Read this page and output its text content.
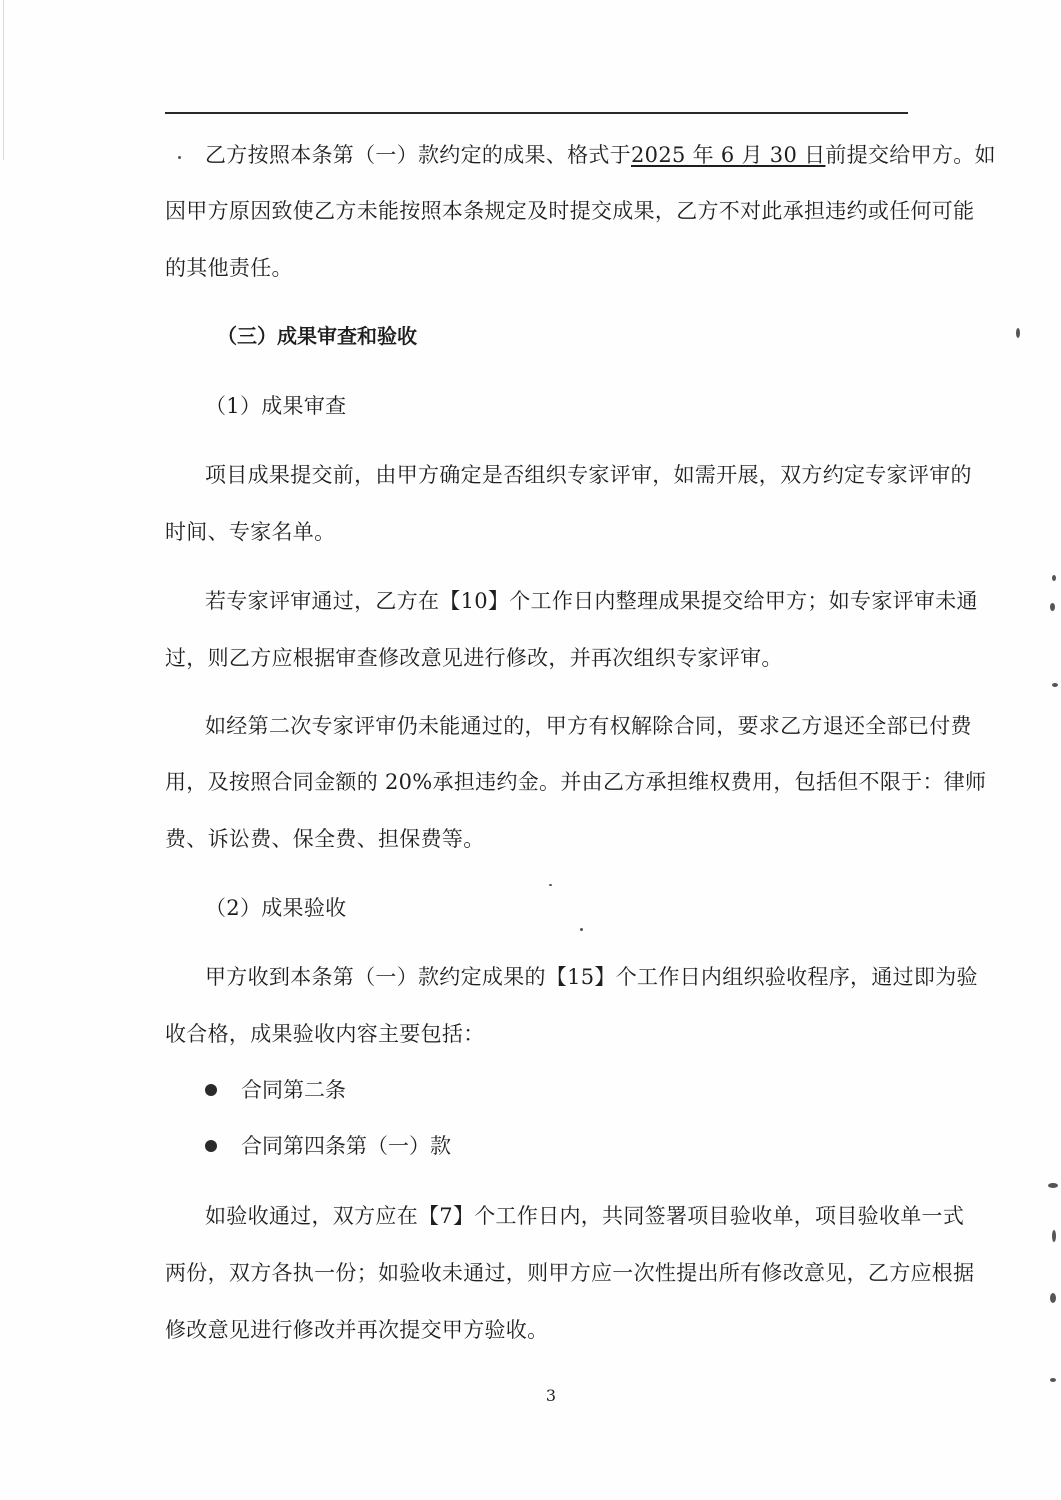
乙方按照本条第（一）款约定的成果、格式于2025 年 6 月 30 日前提交给甲方。如
因甲方原因致使乙方未能按照本条规定及时提交成果，乙方不对此承担违约或任何可能
的其他责任。
（三）成果审查和验收
（1）成果审查
项目成果提交前，由甲方确定是否组织专家评审，如需开展，双方约定专家评审的
时间、专家名单。
若专家评审通过，乙方在【10】个工作日内整理成果提交给甲方；如专家评审未通
过，则乙方应根据审查修改意见进行修改，并再次组织专家评审。
如经第二次专家评审仍未能通过的，甲方有权解除合同，要求乙方退还全部已付费
用，及按照合同金额的 20%承担违约金。并由乙方承担维权费用，包括但不限于：律师
费、诉讼费、保全费、担保费等。
（2）成果验收
甲方收到本条第（一）款约定成果的【15】个工作日内组织验收程序，通过即为验
收合格，成果验收内容主要包括：
合同第二条
合同第四条第（一）款
如验收通过，双方应在【7】个工作日内，共同签署项目验收单，项目验收单一式
两份，双方各执一份；如验收未通过，则甲方应一次性提出所有修改意见，乙方应根据
修改意见进行修改并再次提交甲方验收。
3
